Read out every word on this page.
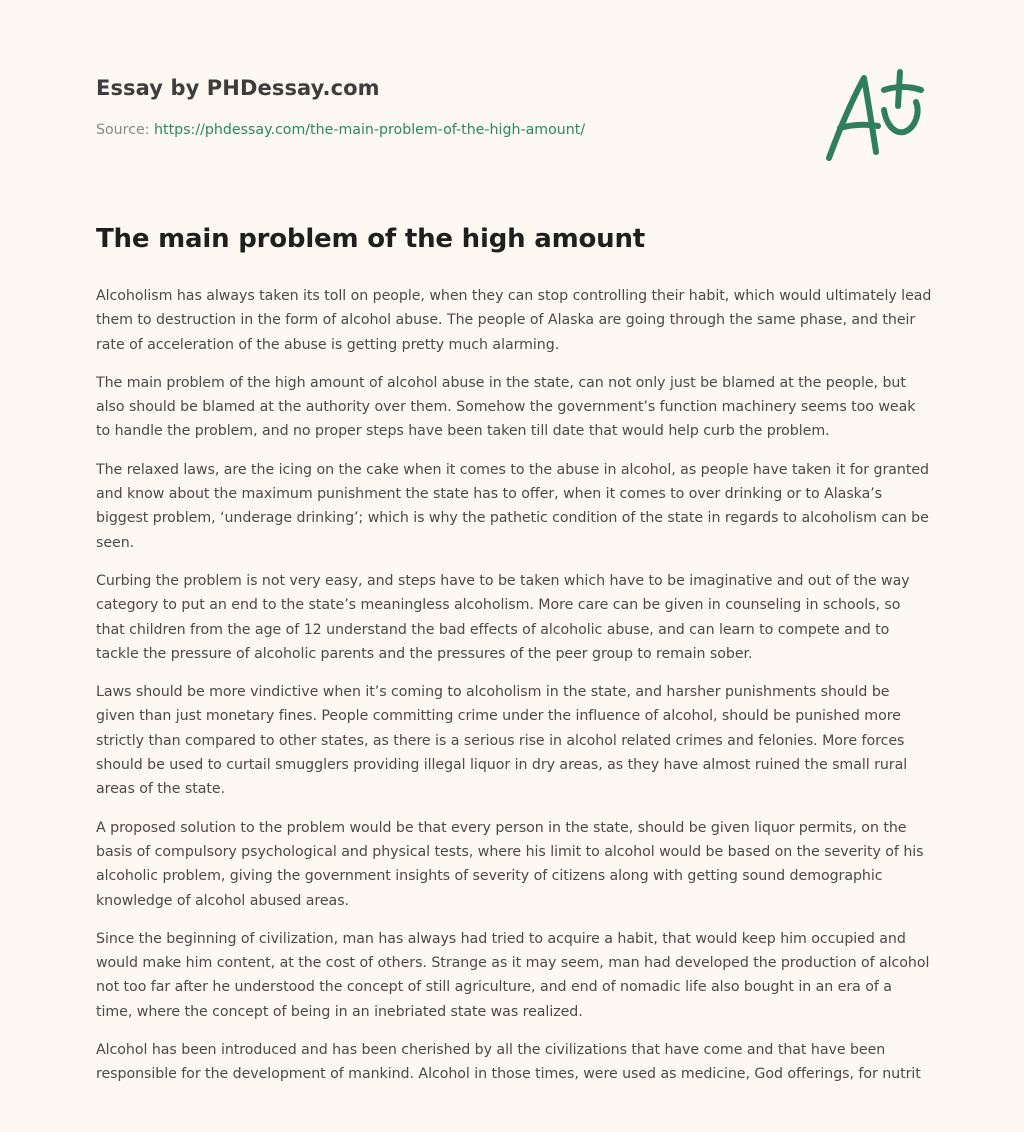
Essay by PHDessay.com
Source: https://phdessay.com/the-main-problem-of-the-high-amount/
The main problem of the high amount

Alcoholism has always taken its toll on people, when they can stop controlling their habit, which would ultimately lead them to destruction in the form of alcohol abuse. The people of Alaska are going through the same phase, and their rate of acceleration of the abuse is getting pretty much alarming.

The main problem of the high amount of alcohol abuse in the state, can not only just be blamed at the people, but also should be blamed at the authority over them. Somehow the government’s function machinery seems too weak to handle the problem, and no proper steps have been taken till date that would help curb the problem.

The relaxed laws, are the icing on the cake when it comes to the abuse in alcohol, as people have taken it for granted and know about the maximum punishment the state has to offer, when it comes to over drinking or to Alaska’s biggest problem, ‘underage drinking’; which is why the pathetic condition of the state in regards to alcoholism can be seen.

Curbing the problem is not very easy, and steps have to be taken which have to be imaginative and out of the way category to put an end to the state’s meaningless alcoholism. More care can be given in counseling in schools, so that children from the age of 12 understand the bad effects of alcoholic abuse, and can learn to compete and to tackle the pressure of alcoholic parents and the pressures of the peer group to remain sober.

Laws should be more vindictive when it’s coming to alcoholism in the state, and harsher punishments should be given than just monetary fines. People committing crime under the influence of alcohol, should be punished more strictly than compared to other states, as there is a serious rise in alcohol related crimes and felonies. More forces should be used to curtail smugglers providing illegal liquor in dry areas, as they have almost ruined the small rural areas of the state.

A proposed solution to the problem would be that every person in the state, should be given liquor permits, on the basis of compulsory psychological and physical tests, where his limit to alcohol would be based on the severity of his alcoholic problem, giving the government insights of severity of citizens along with getting sound demographic knowledge of alcohol abused areas.

Since the beginning of civilization, man has always had tried to acquire a habit, that would keep him occupied and would make him content, at the cost of others. Strange as it may seem, man had developed the production of alcohol not too far after he understood the concept of still agriculture, and end of nomadic life also bought in an era of a time, where the concept of being in an inebriated state was realized.

Alcohol has been introduced and has been cherished by all the civilizations that have come and that have been responsible for the development of mankind. Alcohol in those times, were used as medicine, God offerings, for nutrit
